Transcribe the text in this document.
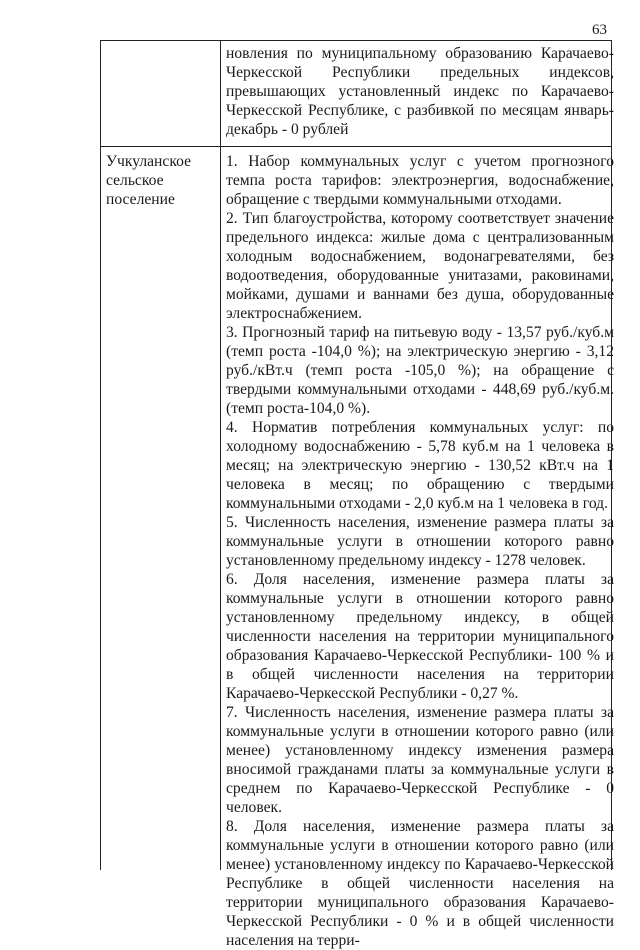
63

новления по муниципальному образованию Карачаево-Черкесской Республики предельных индексов, превышающих установленный индекс по Карачаево-Черкесской Республике, с разбивкой по месяцам январь-декабрь - 0 рублей

Учкуланское сельское поселение

1. Набор коммунальных услуг с учетом прогнозного темпа роста тарифов: электроэнергия, водоснабжение, обращение с твердыми коммунальными отходами.

2. Тип благоустройства, которому соответствует значение предельного индекса: жилые дома с централизованным холодным водоснабжением, водонагревателями, без водоотведения, оборудованные унитазами, раковинами, мойками, душами и ваннами без душа, оборудованные электроснабжением.

3. Прогнозный тариф на питьевую воду - 13,57 руб./куб.м (темп роста -104,0 %); на электрическую энергию - 3,12 руб./кВт.ч (темп роста -105,0 %); на обращение с твердыми коммунальными отходами - 448,69 руб./куб.м. (темп роста-104,0 %).

4. Норматив потребления коммунальных услуг: по холодному водоснабжению - 5,78 куб.м на 1 человека в месяц; на электрическую энергию - 130,52 кВт.ч на 1 человека в месяц; по обращению с твердыми коммунальными отходами - 2,0 куб.м на 1 человека в год.

5. Численность населения, изменение размера платы за коммунальные услуги в отношении которого равно установленному предельному индексу - 1278 человек.

6. Доля населения, изменение размера платы за коммунальные услуги в отношении которого равно установленному предельному индексу, в общей численности населения на территории муниципального образования Карачаево-Черкесской Республики- 100 % и в общей численности населения на территории Карачаево-Черкесской Республики - 0,27 %.

7. Численность населения, изменение размера платы за коммунальные услуги в отношении которого равно (или менее) установленному индексу изменения размера вносимой гражданами платы за коммунальные услуги в среднем по Карачаево-Черкесской Республике - 0 человек.

8. Доля населения, изменение размера платы за коммунальные услуги в отношении которого равно (или менее) установленному индексу по Карачаево-Черкесской Республике в общей численности населения на территории муниципального образования Карачаево-Черкесской Республики - 0 % и в общей численности населения на терри-
